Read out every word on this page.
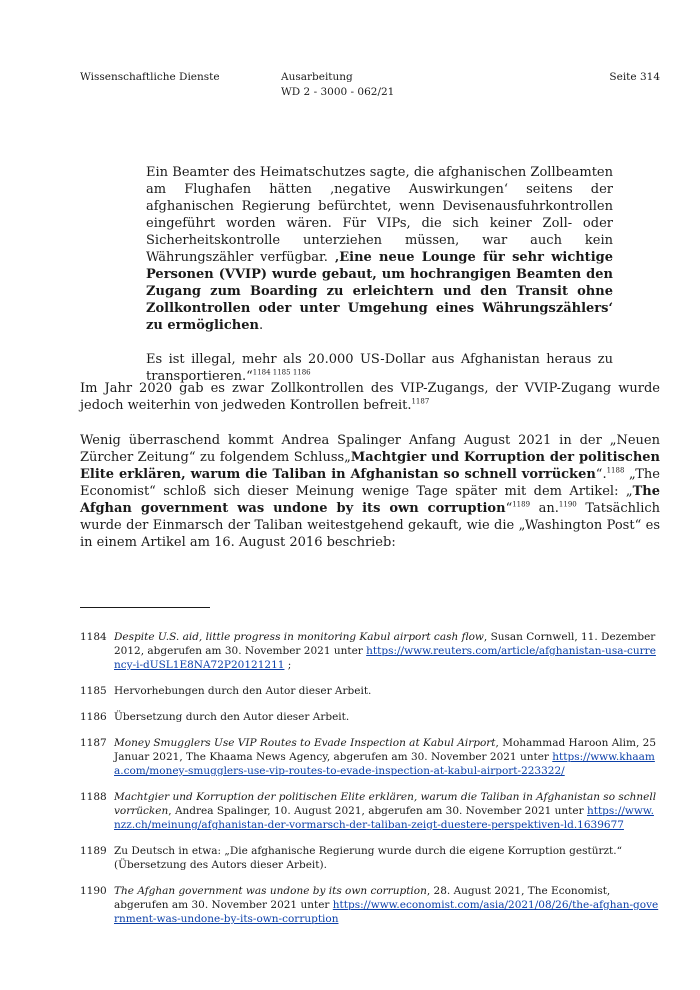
Wissenschaftliche Dienste	Ausarbeitung
WD 2 - 3000 - 062/21
Seite 314

Ein Beamter des Heimatschutzes sagte, die afghanischen Zollbeamten am Flughafen hätten ‚negative Auswirkungen‘ seitens der afghanischen Regierung befürchtet, wenn Devisenausfuhrkontrollen eingeführt worden wären. Für VIPs, die sich keiner Zoll- oder Sicherheitskontrolle unterziehen müssen, war auch kein Währungszähler verfügbar. ‚Eine neue Lounge für sehr wichtige Personen (VVIP) wurde gebaut, um hochrangigen Beamten den Zugang zum Boarding zu erleichtern und den Transit ohne Zollkontrollen oder unter Umgehung eines Währungszählers‘ zu ermöglichen.

Es ist illegal, mehr als 20.000 US-Dollar aus Afghanistan heraus zu transportieren.“$^{1184 1185 1186}$

Im Jahr 2020 gab es zwar Zollkontrollen des VIP-Zugangs, der VVIP-Zugang wurde jedoch weiterhin von jedweden Kontrollen befreit.$^{1187}$

Wenig überraschend kommt Andrea Spalinger Anfang August 2021 in der „Neuen Zürcher Zeitung“ zu folgendem Schluss„Machtgier und Korruption der politischen Elite erklären, warum die Taliban in Afghanistan so schnell vorrücken“.$^{1188}$ „The Economist“ schloß sich dieser Meinung wenige Tage später mit dem Artikel: „The Afghan government was undone by its own corruption“$^{1189}$ an.$^{1190}$ Tatsächlich wurde der Einmarsch der Taliban weitestgehend gekauft, wie die „Washington Post“ es in einem Artikel am 16. August 2016 beschrieb:

1184 Despite U.S. aid, little progress in monitoring Kabul airport cash flow, Susan Cornwell, 11. Dezember 2012, abgerufen am 30. November 2021 unter https://www.reuters.com/article/afghanistan-usa-currency-i-dUSL1E8NA72P20121211 ;
1185 Hervorhebungen durch den Autor dieser Arbeit.
1186 Übersetzung durch den Autor dieser Arbeit.
1187 Money Smugglers Use VIP Routes to Evade Inspection at Kabul Airport, Mohammad Haroon Alim, 25 Januar 2021, The Khaama News Agency, abgerufen am 30. November 2021 unter https://www.khaama.com/money-smugglers-use-vip-routes-to-evade-inspection-at-kabul-airport-223322/
1188 Machtgier und Korruption der politischen Elite erklären, warum die Taliban in Afghanistan so schnell vorrücken, Andrea Spalinger, 10. August 2021, abgerufen am 30. November 2021 unter https://www.nzz.ch/meinung/afghanistan-der-vormarsch-der-taliban-zeigt-duestere-perspektiven-ld.1639677
1189 Zu Deutsch in etwa: „Die afghanische Regierung wurde durch die eigene Korruption gestürzt.“ (Übersetzung des Autors dieser Arbeit).
1190 The Afghan government was undone by its own corruption, 28. August 2021, The Economist, abgerufen am 30. November 2021 unter https://www.economist.com/asia/2021/08/26/the-afghan-government-was-undone-by-its-own-corruption
